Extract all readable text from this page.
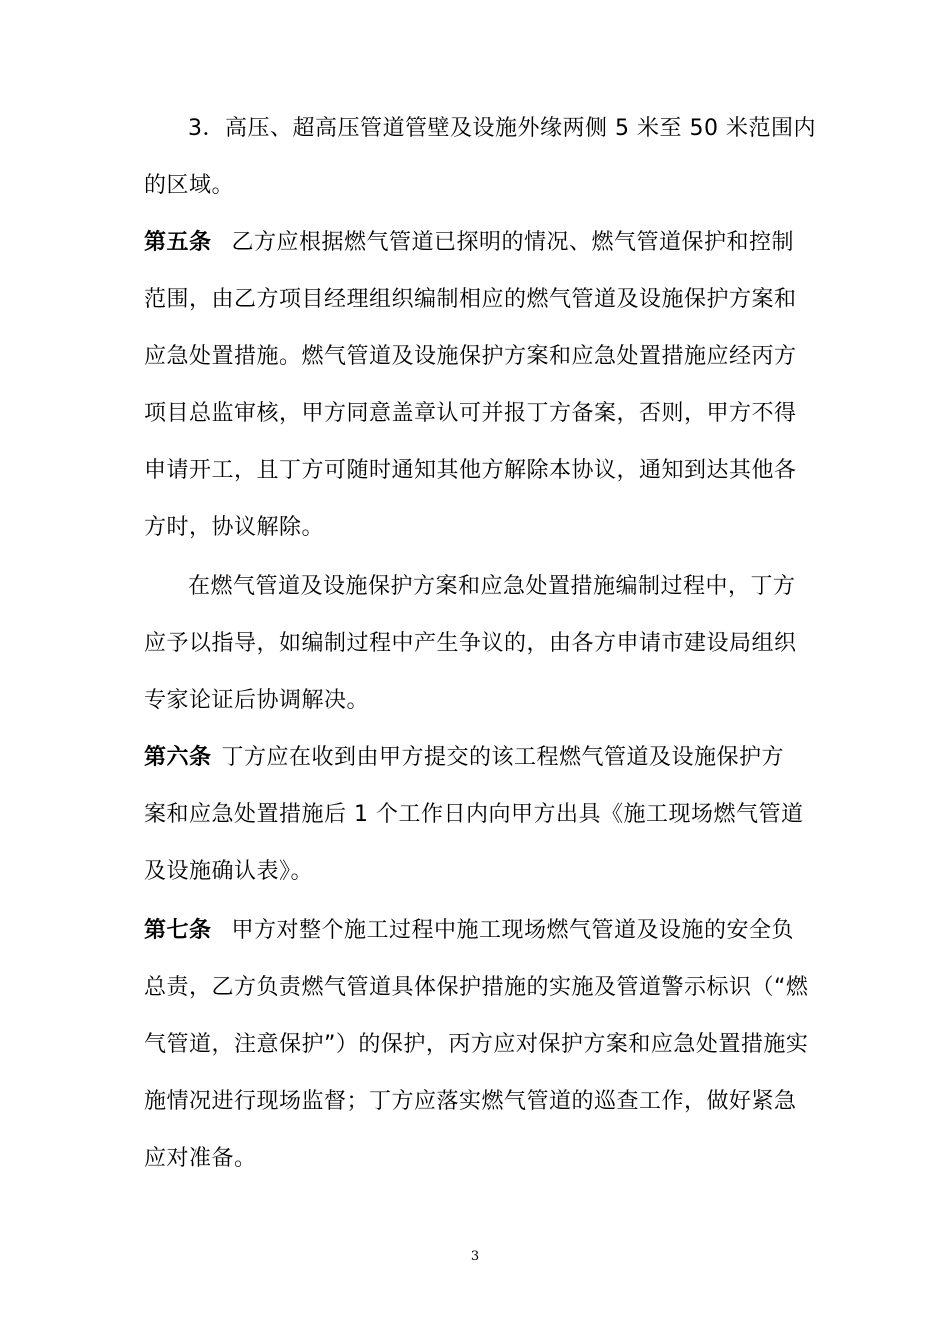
3．高压、超高压管道管壁及设施外缘两侧 5 米至 50 米范围内
的区域。
第五条 乙方应根据燃气管道已探明的情况、燃气管道保护和控制
范围，由乙方项目经理组织编制相应的燃气管道及设施保护方案和
应急处置措施。燃气管道及设施保护方案和应急处置措施应经丙方
项目总监审核，甲方同意盖章认可并报丁方备案，否则，甲方不得
申请开工，且丁方可随时通知其他方解除本协议，通知到达其他各
方时，协议解除。
在燃气管道及设施保护方案和应急处置措施编制过程中，丁方
应予以指导，如编制过程中产生争议的，由各方申请市建设局组织
专家论证后协调解决。
第六条 丁方应在收到由甲方提交的该工程燃气管道及设施保护方
案和应急处置措施后 1 个工作日内向甲方出具《施工现场燃气管道
及设施确认表》。
第七条 甲方对整个施工过程中施工现场燃气管道及设施的安全负
总责，乙方负责燃气管道具体保护措施的实施及管道警示标识（“燃
气管道，注意保护”）的保护，丙方应对保护方案和应急处置措施实
施情况进行现场监督；丁方应落实燃气管道的巡查工作，做好紧急
应对准备。
3
